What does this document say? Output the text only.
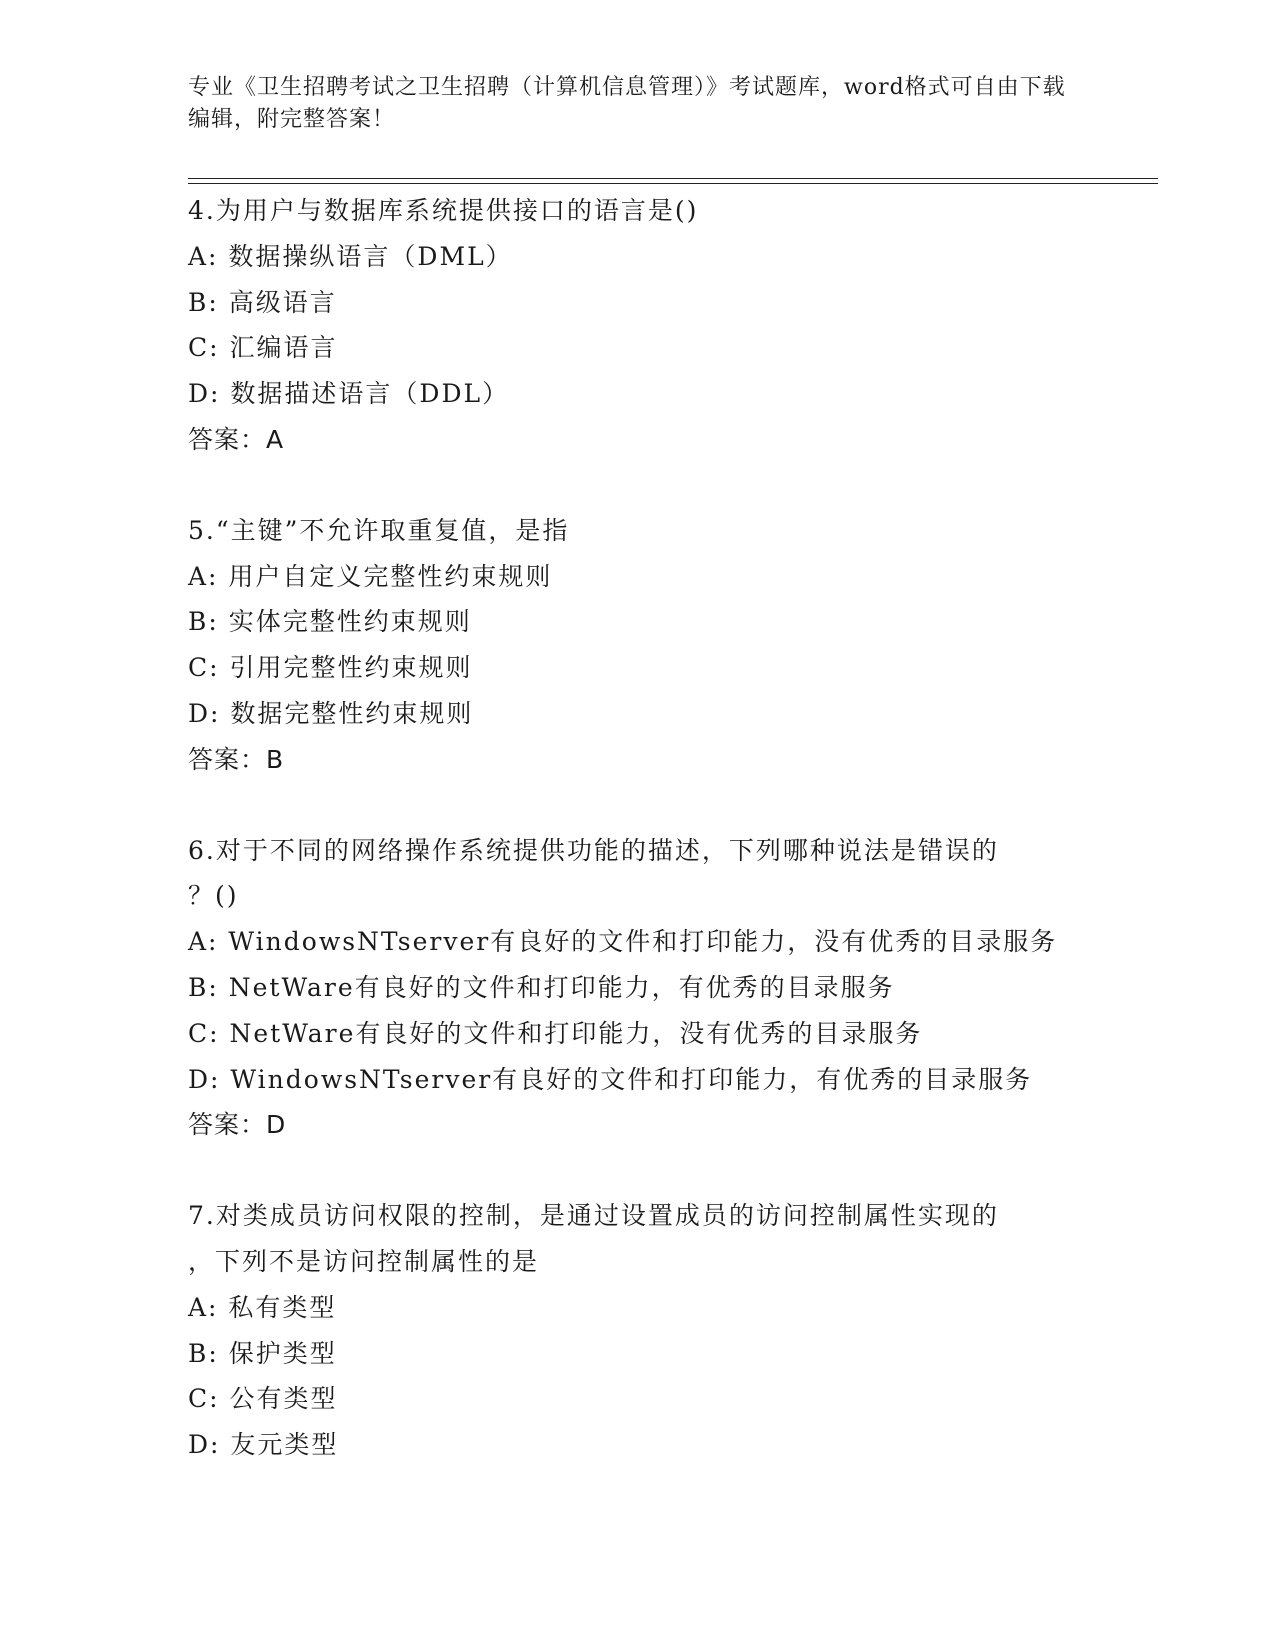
专业《卫生招聘考试之卫生招聘（计算机信息管理）》考试题库，word格式可自由下载编辑，附完整答案！
4.为用户与数据库系统提供接口的语言是()
A: 数据操纵语言（DML）
B: 高级语言
C: 汇编语言
D: 数据描述语言（DDL）
答案：A
5.“主键”不允许取重复值，是指
A: 用户自定义完整性约束规则
B: 实体完整性约束规则
C: 引用完整性约束规则
D: 数据完整性约束规则
答案：B
6.对于不同的网络操作系统提供功能的描述，下列哪种说法是错误的
？()
A: WindowsNTserver有良好的文件和打印能力，没有优秀的目录服务
B: NetWare有良好的文件和打印能力，有优秀的目录服务
C: NetWare有良好的文件和打印能力，没有优秀的目录服务
D: WindowsNTserver有良好的文件和打印能力，有优秀的目录服务
答案：D
7.对类成员访问权限的控制，是通过设置成员的访问控制属性实现的
，下列不是访问控制属性的是
A: 私有类型
B: 保护类型
C: 公有类型
D: 友元类型
